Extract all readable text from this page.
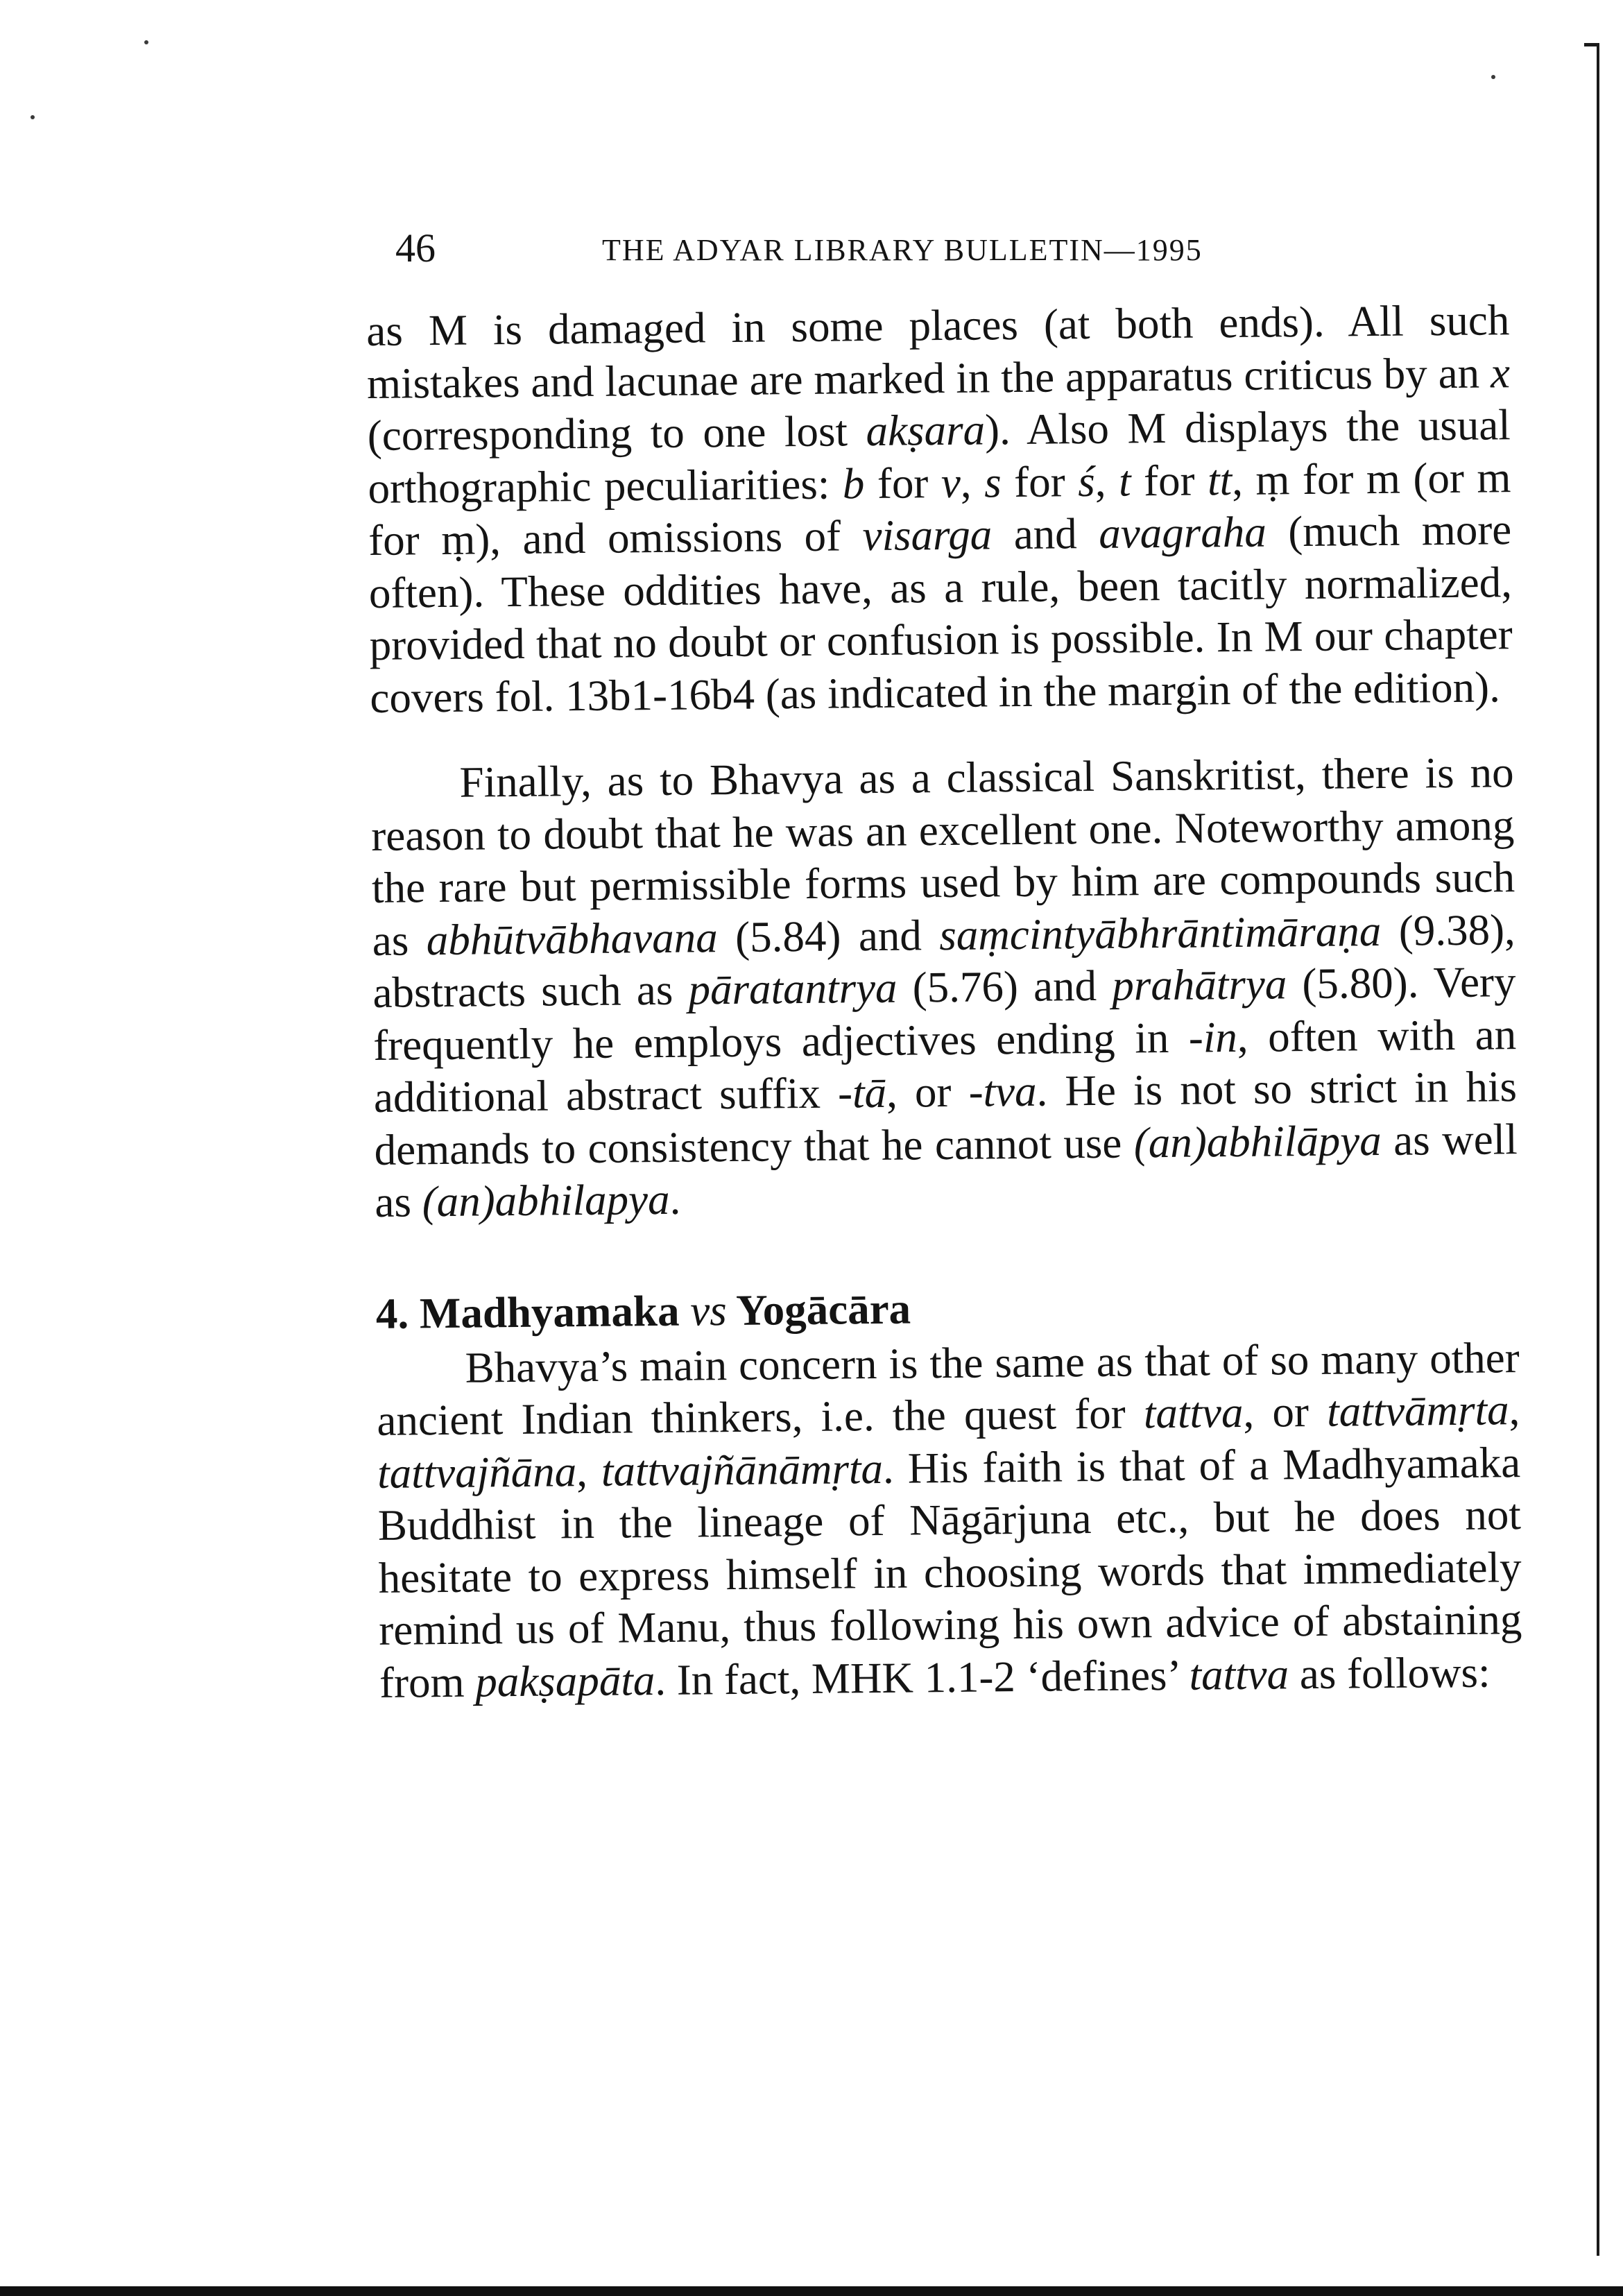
46	THE ADYAR LIBRARY BULLETIN—1995

as M is damaged in some places (at both ends). All such mistakes and lacunae are marked in the apparatus criticus by an x (corresponding to one lost akṣara). Also M displays the usual orthographic peculiarities: b for v, s for ś, t for tt, ṃ for m (or m for ṃ), and omissions of visarga and avagraha (much more often). These oddities have, as a rule, been tacitly normalized, provided that no doubt or confusion is possible. In M our chapter covers fol. 13b1-16b4 (as indicated in the margin of the edition).

Finally, as to Bhavya as a classical Sanskritist, there is no reason to doubt that he was an excellent one. Noteworthy among the rare but permissible forms used by him are compounds such as abhūtvābhavana (5.84) and saṃcintyābhrāntimāraṇa (9.38), abstracts such as pāratantrya (5.76) and prahātrya (5.80). Very frequently he employs adjectives ending in -in, often with an additional abstract suffix -tā, or -tva. He is not so strict in his demands to consistency that he cannot use (an)abhilāpya as well as (an)abhilapya.

4. Madhyamaka vs Yogācāra

Bhavya’s main concern is the same as that of so many other ancient Indian thinkers, i.e. the quest for tattva, or tattvāmṛta, tattvajñāna, tattvajñānāmṛta. His faith is that of a Madhyamaka Buddhist in the lineage of Nāgārjuna etc., but he does not hesitate to express himself in choosing words that immediately remind us of Manu, thus following his own advice of abstaining from pakṣapāta. In fact, MHK 1.1-2 ‘defines’ tattva as follows:
